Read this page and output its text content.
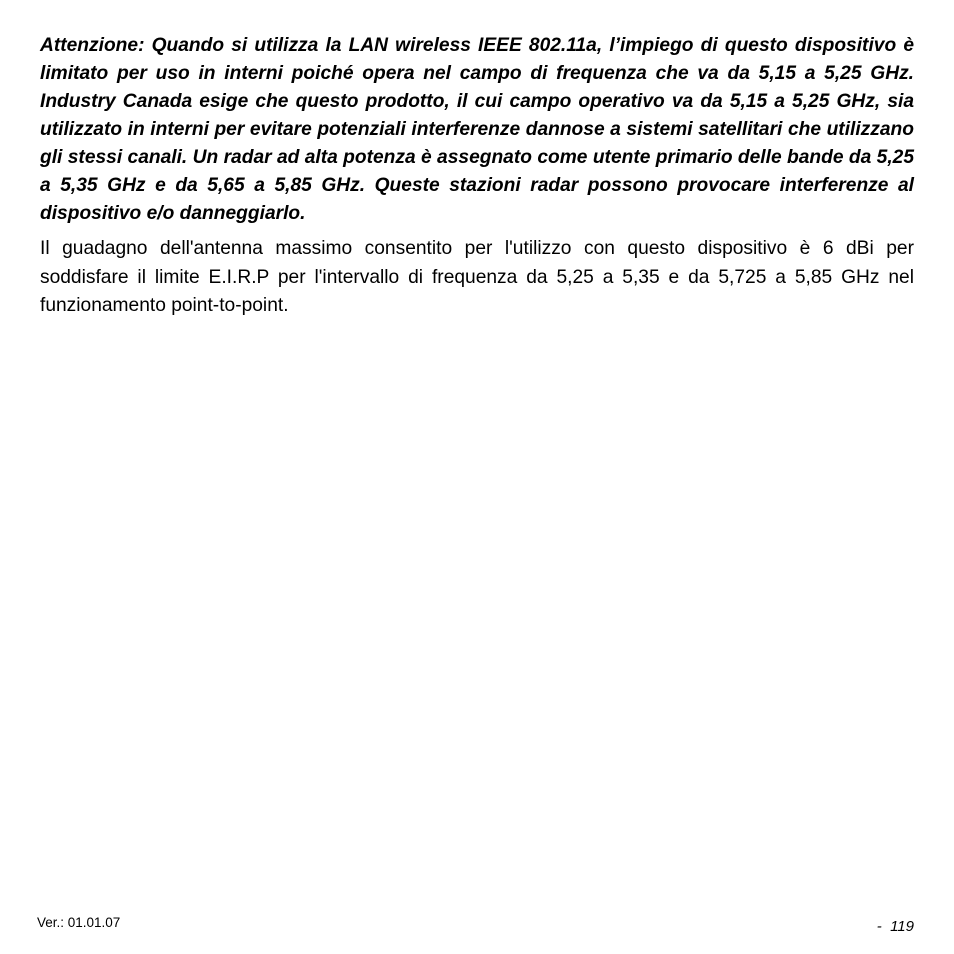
Attenzione: Quando si utilizza la LAN wireless IEEE 802.11a, l’impiego di questo dispositivo è limitato per uso in interni poiché opera nel campo di frequenza che va da 5,15 a 5,25 GHz. Industry Canada esige che questo prodotto, il cui campo operativo va da 5,15 a 5,25 GHz, sia utilizzato in interni per evitare potenziali interferenze dannose a sistemi satellitari che utilizzano gli stessi canali. Un radar ad alta potenza è assegnato come utente primario delle bande da 5,25 a 5,35 GHz e da 5,65 a 5,85 GHz. Queste stazioni radar possono provocare interferenze al dispositivo e/o danneggiarlo.

Il guadagno dell'antenna massimo consentito per l'utilizzo con questo dispositivo è 6 dBi per soddisfare il limite E.I.R.P per l'intervallo di frequenza da 5,25 a 5,35 e da 5,725 a 5,85 GHz nel funzionamento point-to-point.

Ver.: 01.01.07	-  119
